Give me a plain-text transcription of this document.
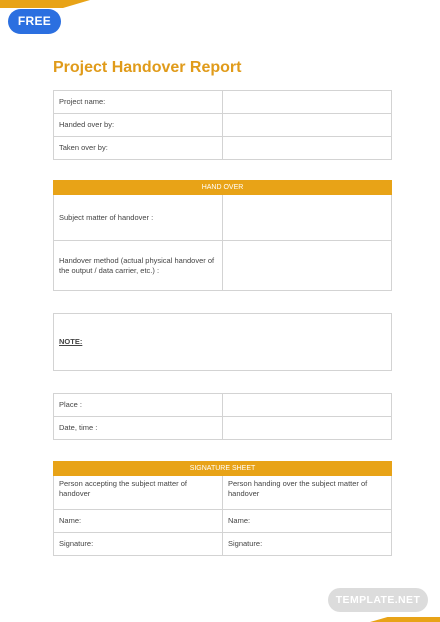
FREE
Project Handover Report
Project name:	
Handed over by:	
Taken over by:	
HAND OVER	
Subject matter of handover :	
Handover method (actual physical handover of the output / data carrier, etc.) :	
NOTE:
Place :	
Date, time :	
SIGNATURE SHEET	
Person accepting the subject matter of handover	Person handing over the subject matter of handover
Name:	Name:
Signature:	Signature:
TEMPLATE.NET
